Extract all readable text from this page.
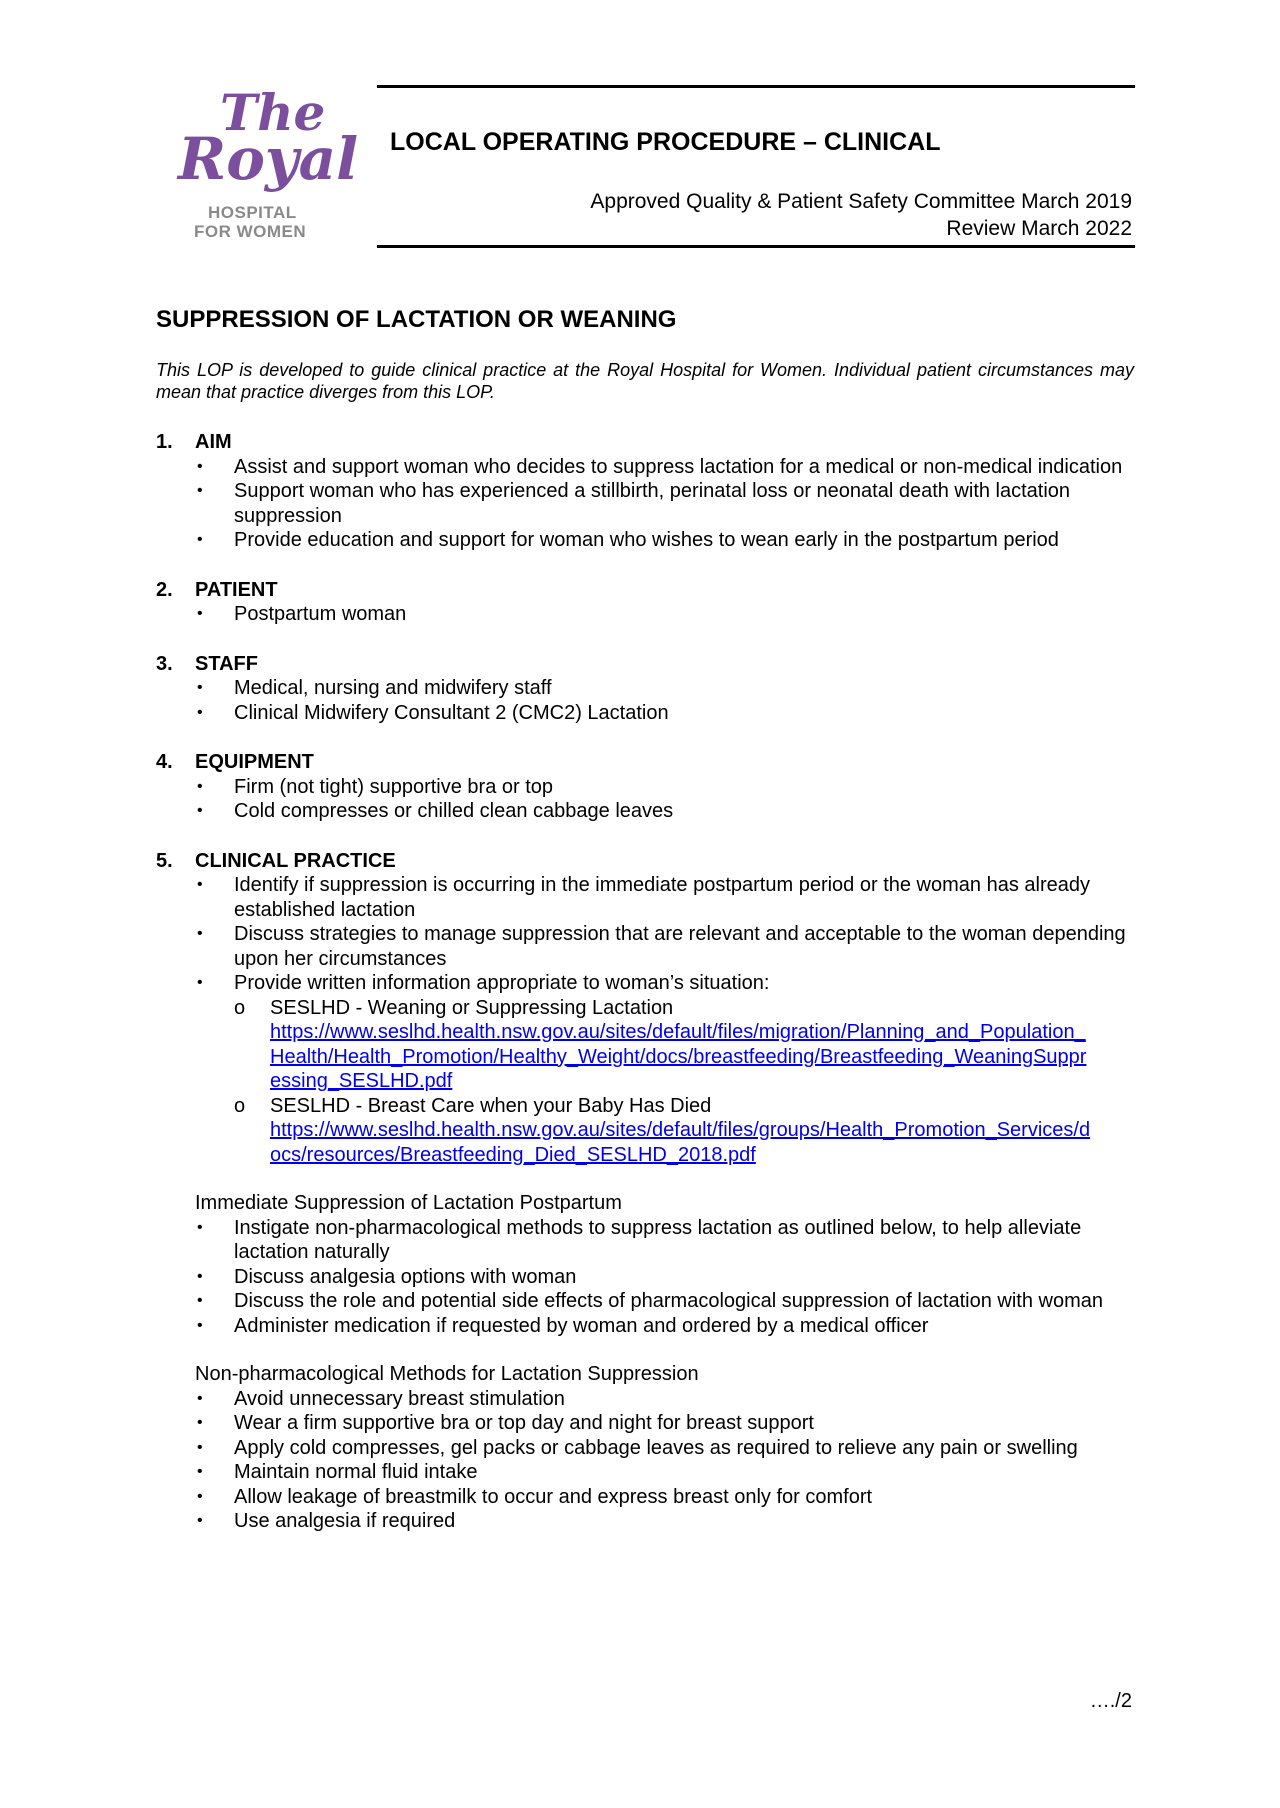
The
Royal
HOSPITAL
FOR WOMEN
LOCAL OPERATING PROCEDURE – CLINICAL
Approved Quality & Patient Safety Committee March 2019
Review March 2022
SUPPRESSION OF LACTATION OR WEANING
This LOP is developed to guide clinical practice at the Royal Hospital for Women. Individual patient circumstances may mean that practice diverges from this LOP.
1.	AIM
• Assist and support woman who decides to suppress lactation for a medical or non-medical indication
• Support woman who has experienced a stillbirth, perinatal loss or neonatal death with lactation suppression
• Provide education and support for woman who wishes to wean early in the postpartum period
2.	PATIENT
• Postpartum woman
3.	STAFF
• Medical, nursing and midwifery staff
• Clinical Midwifery Consultant 2 (CMC2) Lactation
4.	EQUIPMENT
• Firm (not tight) supportive bra or top
• Cold compresses or chilled clean cabbage leaves
5.	CLINICAL PRACTICE
• Identify if suppression is occurring in the immediate postpartum period or the woman has already established lactation
• Discuss strategies to manage suppression that are relevant and acceptable to the woman depending upon her circumstances
• Provide written information appropriate to woman’s situation:
o SESLHD - Weaning or Suppressing Lactation
https://www.seslhd.health.nsw.gov.au/sites/default/files/migration/Planning_and_Population_Health/Health_Promotion/Healthy_Weight/docs/breastfeeding/Breastfeeding_WeaningSuppressing_SESLHD.pdf
o SESLHD - Breast Care when your Baby Has Died
https://www.seslhd.health.nsw.gov.au/sites/default/files/groups/Health_Promotion_Services/docs/resources/Breastfeeding_Died_SESLHD_2018.pdf
Immediate Suppression of Lactation Postpartum
• Instigate non-pharmacological methods to suppress lactation as outlined below, to help alleviate lactation naturally
• Discuss analgesia options with woman
• Discuss the role and potential side effects of pharmacological suppression of lactation with woman
• Administer medication if requested by woman and ordered by a medical officer
Non-pharmacological Methods for Lactation Suppression
• Avoid unnecessary breast stimulation
• Wear a firm supportive bra or top day and night for breast support
• Apply cold compresses, gel packs or cabbage leaves as required to relieve any pain or swelling
• Maintain normal fluid intake
• Allow leakage of breastmilk to occur and express breast only for comfort
• Use analgesia if required
…./2
